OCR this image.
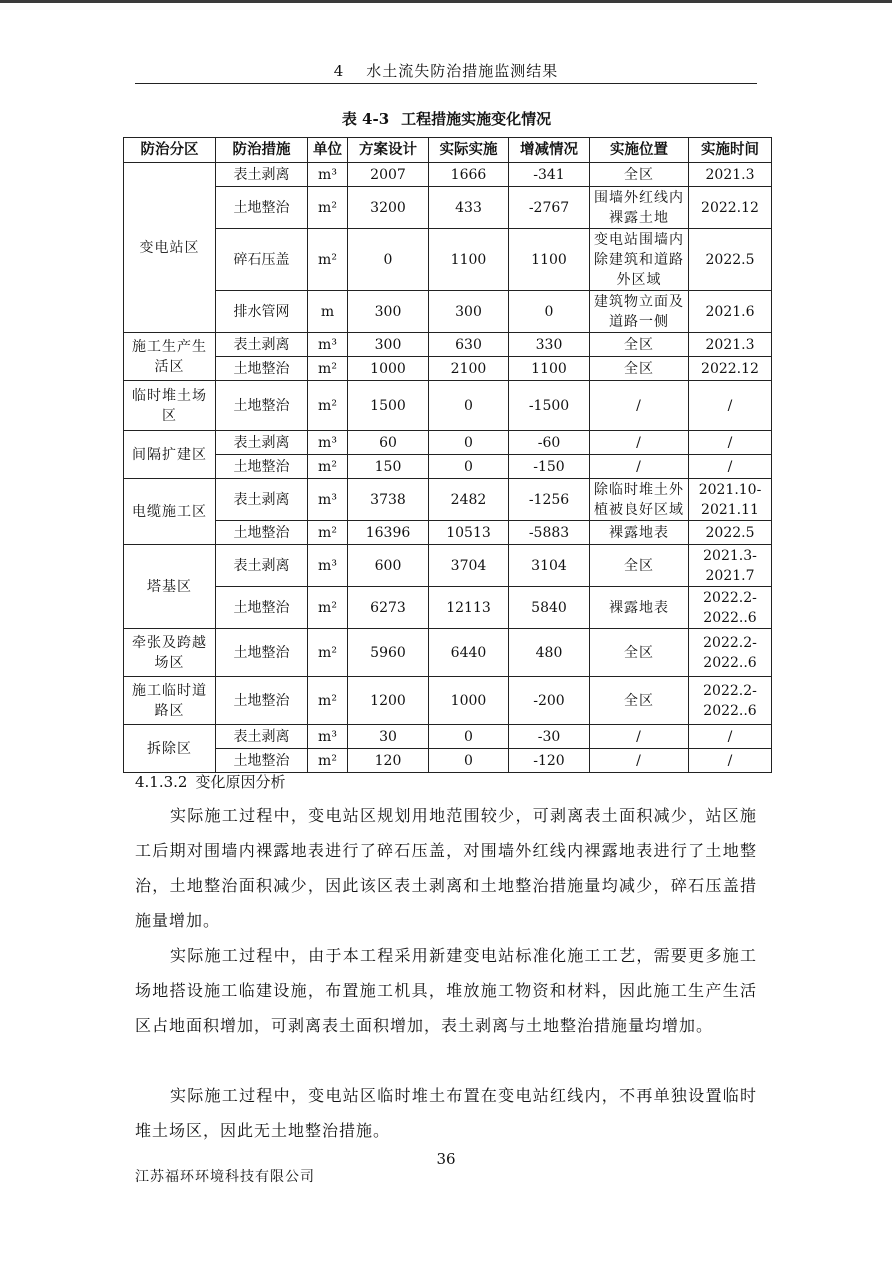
4 水土流失防治措施监测结果
表 4-3 工程措施实施变化情况
防治分区	防治措施	单位	方案设计	实际实施	增减情况	实施位置	实施时间
变电站区	表土剥离	m³	2007	1666	-341	全区	2021.3
	土地整治	m²	3200	433	-2767	围墙外红线内裸露土地	2022.12
	碎石压盖	m²	0	1100	1100	变电站围墙内除建筑和道路外区域	2022.5
	排水管网	m	300	300	0	建筑物立面及道路一侧	2021.6
施工生产生活区	表土剥离	m³	300	630	330	全区	2021.3
	土地整治	m²	1000	2100	1100	全区	2022.12
临时堆土场区	土地整治	m²	1500	0	-1500	/	/
间隔扩建区	表土剥离	m³	60	0	-60	/	/
	土地整治	m²	150	0	-150	/	/
电缆施工区	表土剥离	m³	3738	2482	-1256	除临时堆土外植被良好区域	2021.10-2021.11
	土地整治	m²	16396	10513	-5883	裸露地表	2022.5
塔基区	表土剥离	m³	600	3704	3104	全区	2021.3-2021.7
	土地整治	m²	6273	12113	5840	裸露地表	2022.2-2022..6
牵张及跨越场区	土地整治	m²	5960	6440	480	全区	2022.2-2022..6
施工临时道路区	土地整治	m²	1200	1000	-200	全区	2022.2-2022..6
拆除区	表土剥离	m³	30	0	-30	/	/
	土地整治	m²	120	0	-120	/	/
4.1.3.2 变化原因分析

实际施工过程中，变电站区规划用地范围较少，可剥离表土面积减少，站区施工后期对围墙内裸露地表进行了碎石压盖，对围墙外红线内裸露地表进行了土地整治，土地整治面积减少，因此该区表土剥离和土地整治措施量均减少，碎石压盖措施量增加。

实际施工过程中，由于本工程采用新建变电站标准化施工工艺，需要更多施工场地搭设施工临建设施，布置施工机具，堆放施工物资和材料，因此施工生产生活区占地面积增加，可剥离表土面积增加，表土剥离与土地整治措施量均增加。

实际施工过程中，变电站区临时堆土布置在变电站红线内，不再单独设置临时堆土场区，因此无土地整治措施。

36
江苏福环环境科技有限公司
